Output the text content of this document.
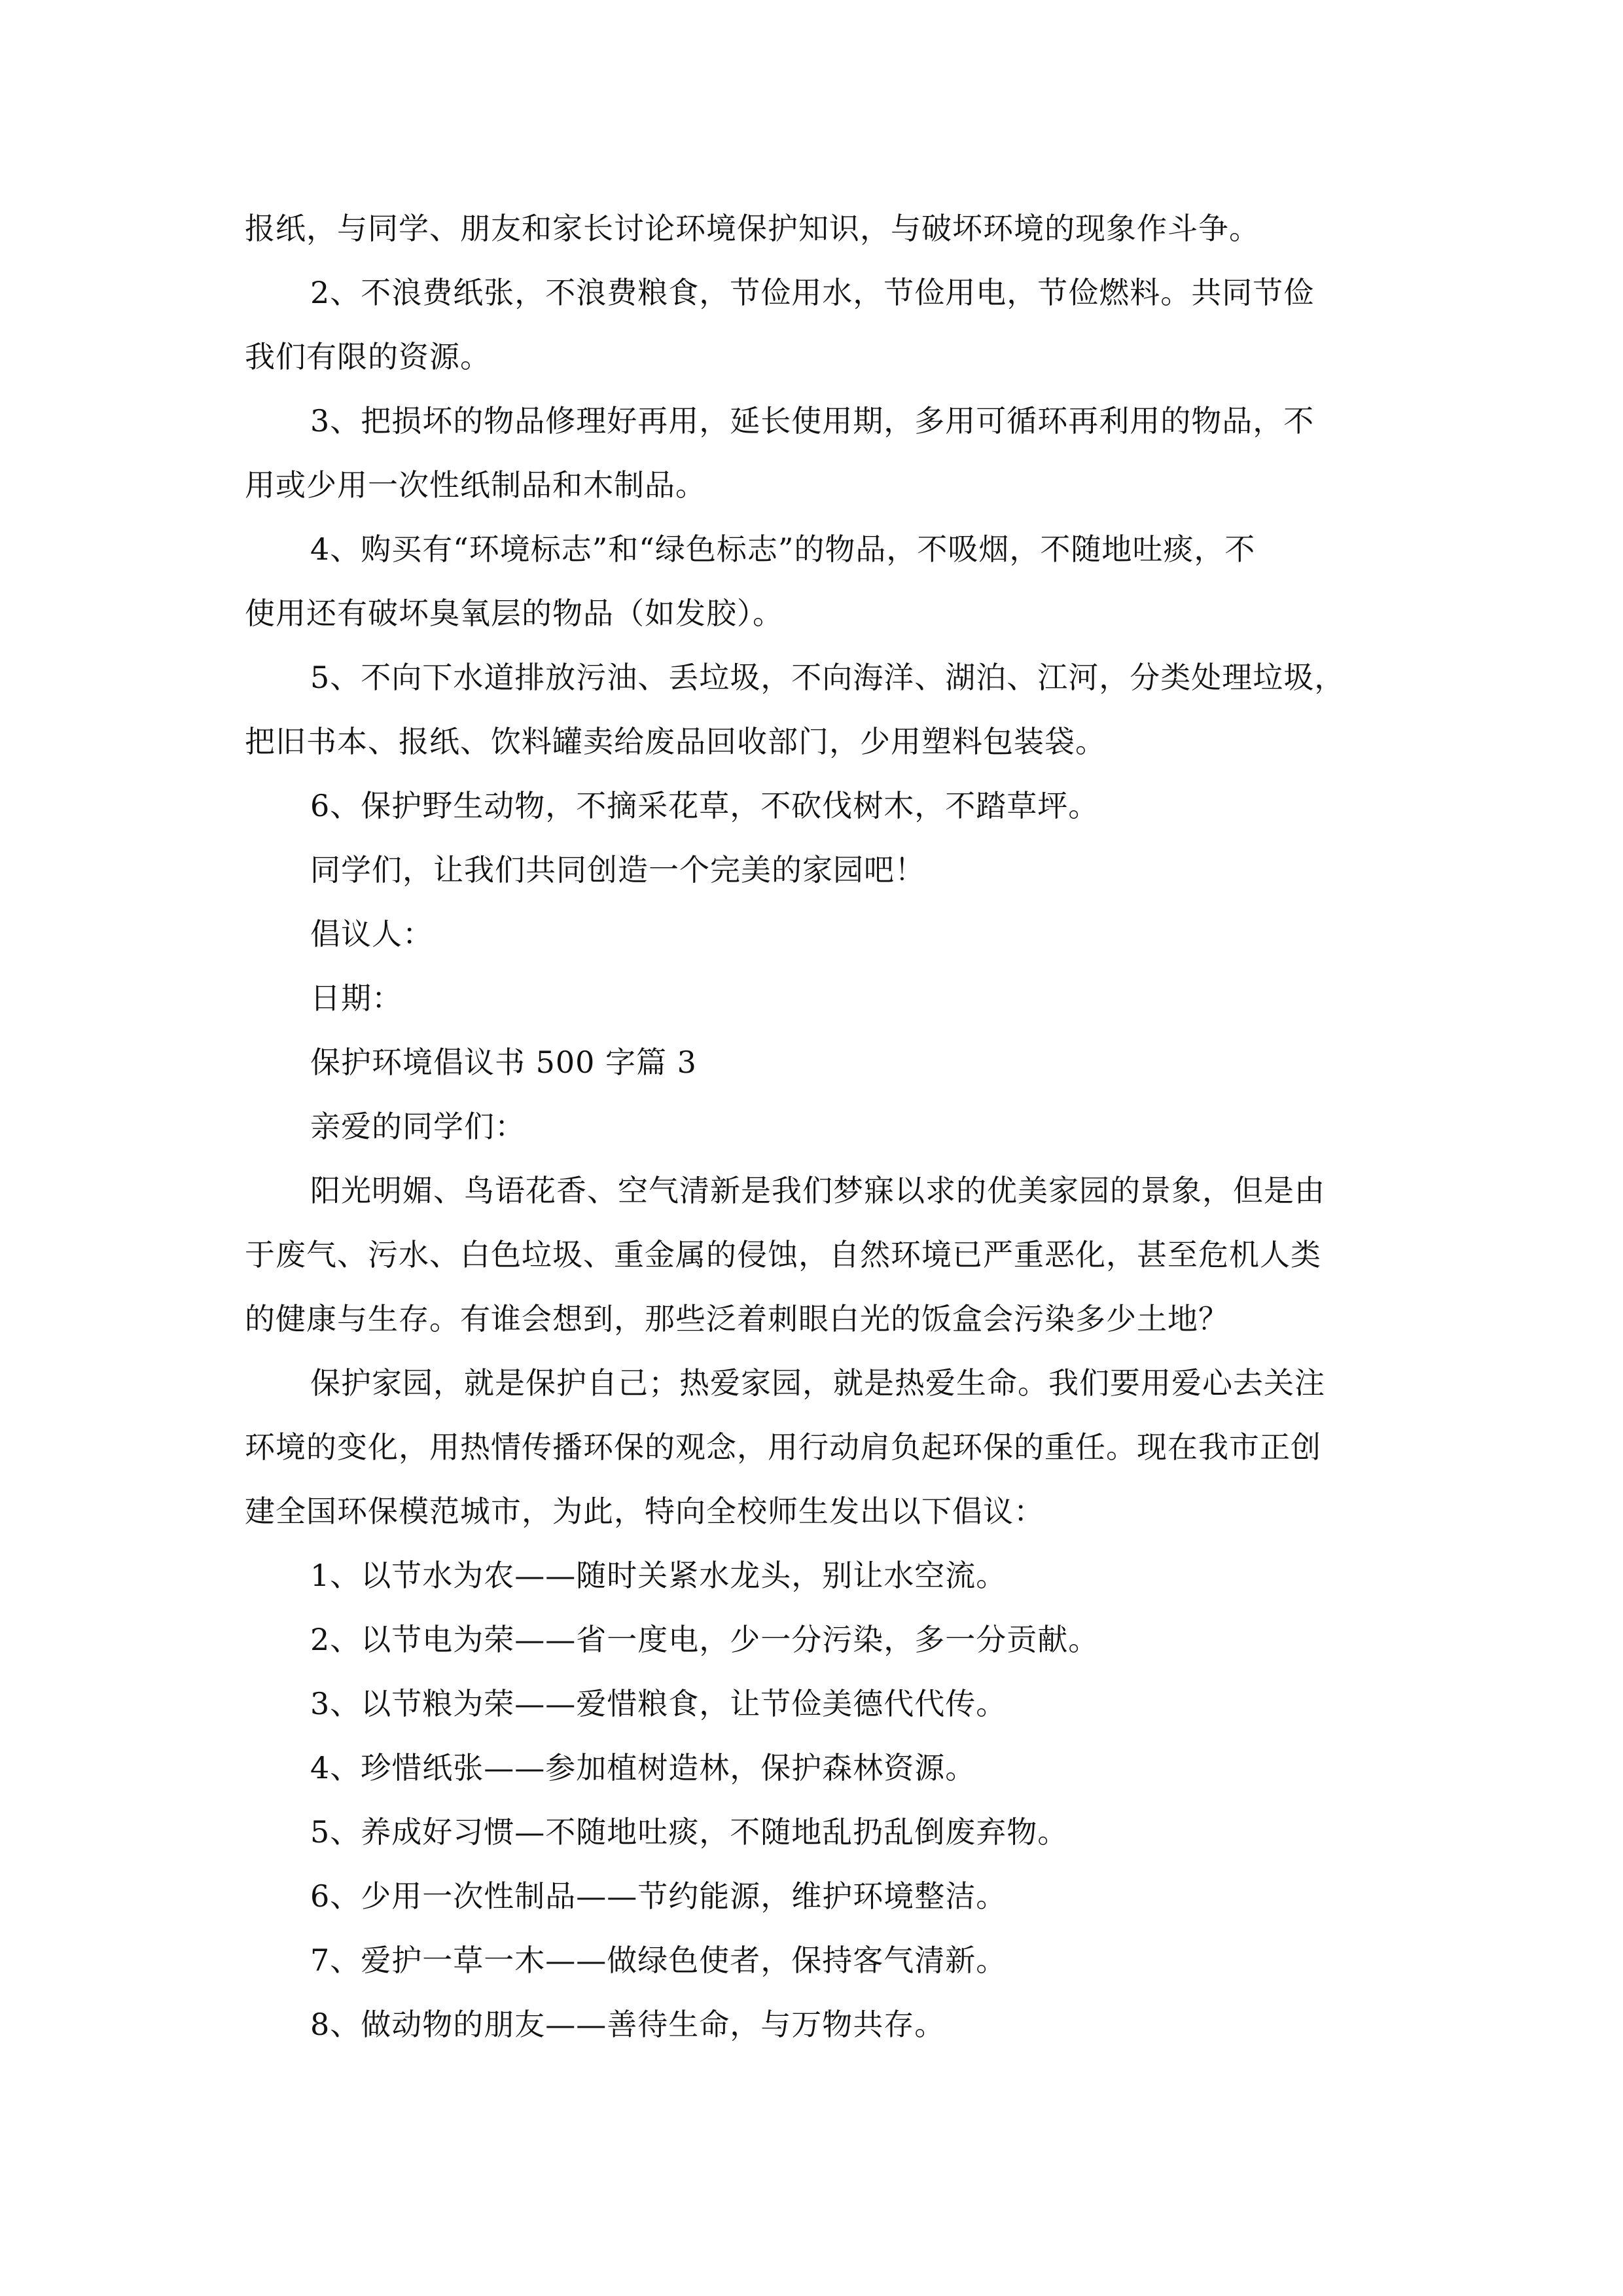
报纸，与同学、朋友和家长讨论环境保护知识，与破坏环境的现象作斗争。
2、不浪费纸张，不浪费粮食，节俭用水，节俭用电，节俭燃料。共同节俭
我们有限的资源。
3、把损坏的物品修理好再用，延长使用期，多用可循环再利用的物品，不
用或少用一次性纸制品和木制品。
4、购买有“环境标志”和“绿色标志”的物品，不吸烟，不随地吐痰，不
使用还有破坏臭氧层的物品（如发胶）。
5、不向下水道排放污油、丢垃圾，不向海洋、湖泊、江河，分类处理垃圾，
把旧书本、报纸、饮料罐卖给废品回收部门，少用塑料包装袋。
6、保护野生动物，不摘采花草，不砍伐树木，不踏草坪。
同学们，让我们共同创造一个完美的家园吧！
倡议人：
日期：
保护环境倡议书 500 字篇 3
亲爱的同学们：
阳光明媚、鸟语花香、空气清新是我们梦寐以求的优美家园的景象，但是由
于废气、污水、白色垃圾、重金属的侵蚀，自然环境已严重恶化，甚至危机人类
的健康与生存。有谁会想到，那些泛着刺眼白光的饭盒会污染多少土地？
保护家园，就是保护自己；热爱家园，就是热爱生命。我们要用爱心去关注
环境的变化，用热情传播环保的观念，用行动肩负起环保的重任。现在我市正创
建全国环保模范城市，为此，特向全校师生发出以下倡议：
1、以节水为农——随时关紧水龙头，别让水空流。
2、以节电为荣——省一度电，少一分污染，多一分贡献。
3、以节粮为荣——爱惜粮食，让节俭美德代代传。
4、珍惜纸张——参加植树造林，保护森林资源。
5、养成好习惯—不随地吐痰，不随地乱扔乱倒废弃物。
6、少用一次性制品——节约能源，维护环境整洁。
7、爱护一草一木——做绿色使者，保持客气清新。
8、做动物的朋友——善待生命，与万物共存。
